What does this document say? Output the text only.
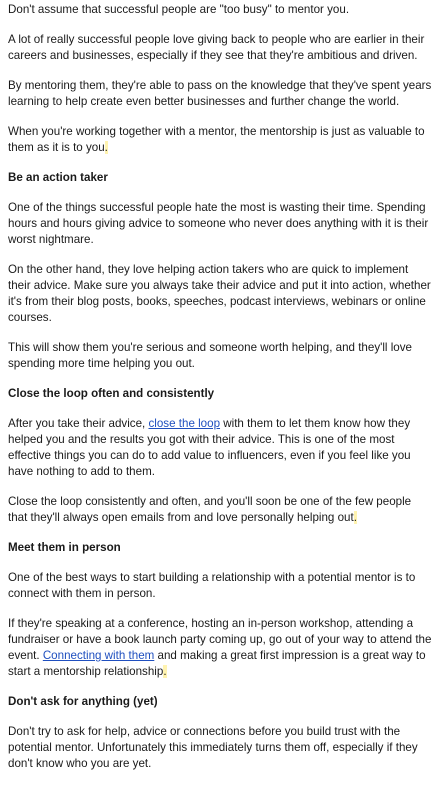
Don't assume that successful people are "too busy" to mentor you.

A lot of really successful people love giving back to people who are earlier in their careers and businesses, especially if they see that they're ambitious and driven.

By mentoring them, they're able to pass on the knowledge that they've spent years learning to help create even better businesses and further change the world.

When you're working together with a mentor, the mentorship is just as valuable to them as it is to you.

Be an action taker

One of the things successful people hate the most is wasting their time. Spending hours and hours giving advice to someone who never does anything with it is their worst nightmare.

On the other hand, they love helping action takers who are quick to implement their advice. Make sure you always take their advice and put it into action, whether it's from their blog posts, books, speeches, podcast interviews, webinars or online courses.

This will show them you're serious and someone worth helping, and they'll love spending more time helping you out.

Close the loop often and consistently

After you take their advice, close the loop with them to let them know how they helped you and the results you got with their advice. This is one of the most effective things you can do to add value to influencers, even if you feel like you have nothing to add to them.

Close the loop consistently and often, and you'll soon be one of the few people that they'll always open emails from and love personally helping out.

Meet them in person

One of the best ways to start building a relationship with a potential mentor is to connect with them in person.

If they're speaking at a conference, hosting an in-person workshop, attending a fundraiser or have a book launch party coming up, go out of your way to attend the event. Connecting with them and making a great first impression is a great way to start a mentorship relationship.

Don't ask for anything (yet)

Don't try to ask for help, advice or connections before you build trust with the potential mentor. Unfortunately this immediately turns them off, especially if they don't know who you are yet.
